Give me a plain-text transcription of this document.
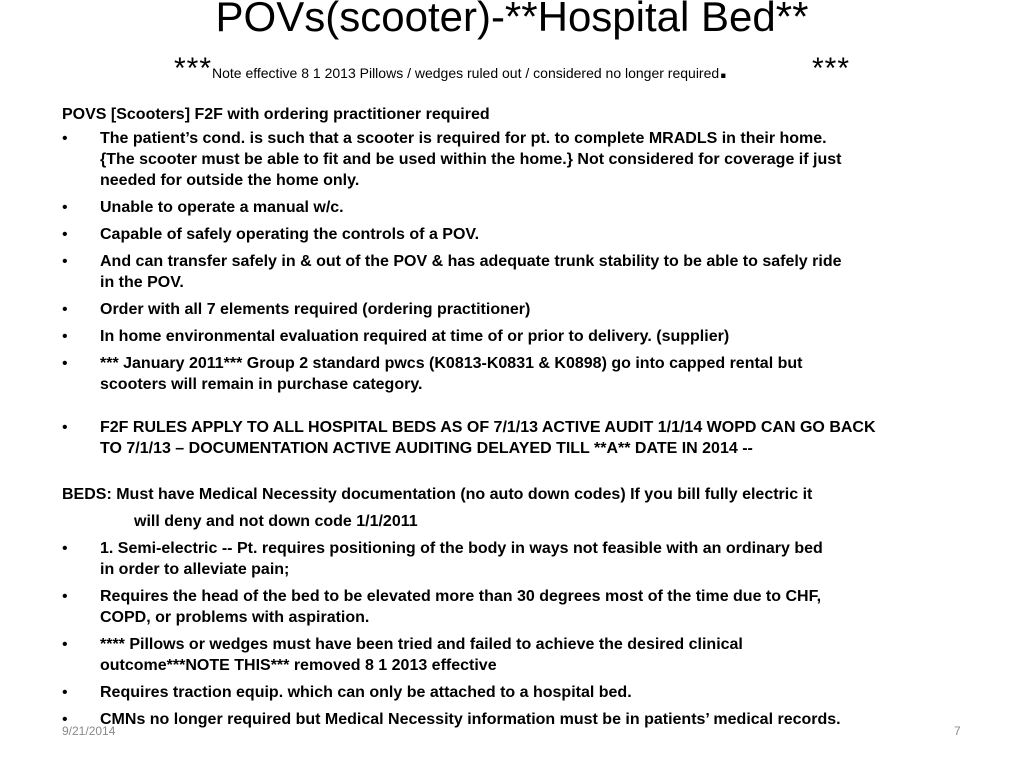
POVs(scooter)-**Hospital Bed**
***Note effective 8 1 2013 Pillows / wedges ruled out / considered no longer required.	***
POVS [Scooters] F2F with ordering practitioner required
• The patient’s cond. is such that a scooter is required for pt. to complete MRADLS in their home.
{The scooter must be able to fit and be used within the home.} Not considered for coverage if just
needed for outside the home only.
• Unable to operate a manual w/c.
• Capable of safely operating the controls of a POV.
• And can transfer safely in & out of the POV & has adequate trunk stability to be able to safely ride
in the POV.
• Order with all 7 elements required (ordering practitioner)
• In home environmental evaluation required at time of or prior to delivery. (supplier)
• *** January 2011*** Group 2 standard pwcs (K0813-K0831 & K0898) go into capped rental but
scooters will remain in purchase category.
• F2F RULES APPLY TO ALL HOSPITAL BEDS AS OF 7/1/13 ACTIVE AUDIT 1/1/14 WOPD CAN GO BACK
TO 7/1/13 – DOCUMENTATION ACTIVE AUDITING DELAYED TILL **A** DATE IN 2014 --
BEDS: Must have Medical Necessity documentation (no auto down codes) If you bill fully electric it
will deny and not down code 1/1/2011
• 1. Semi-electric -- Pt. requires positioning of the body in ways not feasible with an ordinary bed
in order to alleviate pain;
• Requires the head of the bed to be elevated more than 30 degrees most of the time due to CHF,
COPD, or problems with aspiration.
• **** Pillows or wedges must have been tried and failed to achieve the desired clinical
outcome***NOTE THIS*** removed 8 1 2013 effective
• Requires traction equip. which can only be attached to a hospital bed.
• CMNs no longer required but Medical Necessity information must be in patients’ medical records.
9/21/2014	7
